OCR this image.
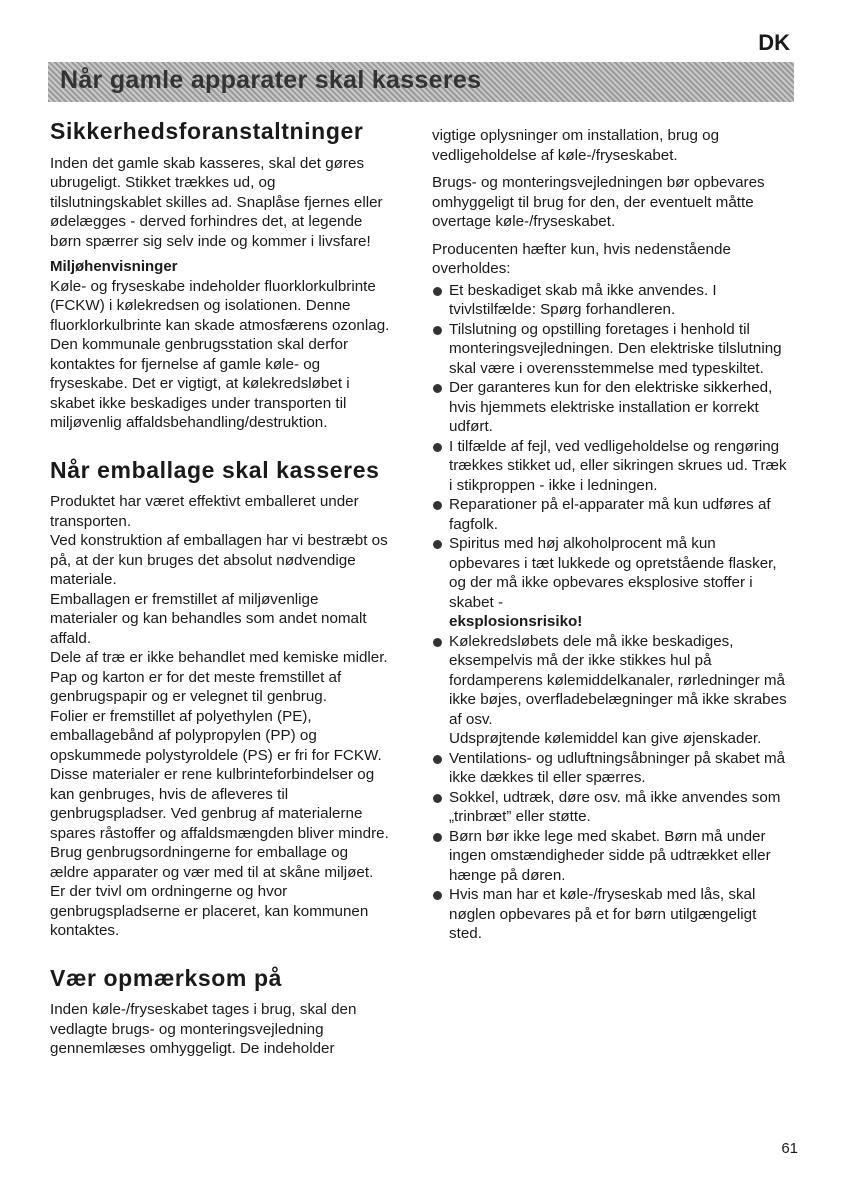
DK
Når gamle apparater skal kasseres
Sikkerhedsforanstaltninger

Inden det gamle skab kasseres, skal det gøres ubrugeligt. Stikket trækkes ud, og tilslutningskablet skilles ad. Snaplåse fjernes eller ødelægges - derved forhindres det, at legende børn spærrer sig selv inde og kommer i livsfare!

Miljøhenvisninger

Køle- og fryseskabe indeholder fluorklorkulbrinte (FCKW) i kølekredsen og isolationen. Denne fluorklorkulbrinte kan skade atmosfærens ozonlag. Den kommunale genbrugsstation skal derfor kontaktes for fjernelse af gamle køle- og fryseskabe. Det er vigtigt, at kølekredsløbet i skabet ikke beskadiges under transporten til miljøvenlig affaldsbehandling/destruktion.

Når emballage skal kasseres

Produktet har været effektivt emballeret under transporten.

Ved konstruktion af emballagen har vi bestræbt os på, at der kun bruges det absolut nødvendige materiale.

Emballagen er fremstillet af miljøvenlige materialer og kan behandles som andet nomalt affald.

Dele af træ er ikke behandlet med kemiske midler.

Pap og karton er for det meste fremstillet af genbrugspapir og er velegnet til genbrug.

Folier er fremstillet af polyethylen (PE), emballagebånd af polypropylen (PP) og opskummede polystyroldele (PS) er fri for FCKW.

Disse materialer er rene kulbrinteforbindelser og kan genbruges, hvis de afleveres til genbrugspladser. Ved genbrug af materialerne spares råstoffer og affaldsmængden bliver mindre.

Brug genbrugsordningerne for emballage og ældre apparater og vær med til at skåne miljøet. Er der tvivl om ordningerne og hvor genbrugspladserne er placeret, kan kommunen kontaktes.

Vær opmærksom på

Inden køle-/fryseskabet tages i brug, skal den vedlagte brugs- og monteringsvejledning gennemlæses omhyggeligt. De indeholder

vigtige oplysninger om installation, brug og vedligeholdelse af køle-/fryseskabet.

Brugs- og monteringsvejledningen bør opbevares omhyggeligt til brug for den, der eventuelt måtte overtage køle-/fryseskabet.

Producenten hæfter kun, hvis nedenstående overholdes:

Et beskadiget skab må ikke anvendes. I tvivlstilfælde: Spørg forhandleren.
Tilslutning og opstilling foretages i henhold til monteringsvejledningen. Den elektriske tilslutning skal være i overensstemmelse med typeskiltet.
Der garanteres kun for den elektriske sikkerhed, hvis hjemmets elektriske installation er korrekt udført.
I tilfælde af fejl, ved vedligeholdelse og rengøring trækkes stikket ud, eller sikringen skrues ud. Træk i stikproppen - ikke i ledningen.
Reparationer på el-apparater må kun udføres af fagfolk.
Spiritus med høj alkoholprocent må kun opbevares i tæt lukkede og opretstående flasker, og der må ikke opbevares eksplosive stoffer i skabet -
eksplosionsrisiko!
Kølekredsløbets dele må ikke beskadiges, eksempelvis må der ikke stikkes hul på fordamperens kølemiddelkanaler, rørledninger må ikke bøjes, overfladebelægninger må ikke skrabes af osv.
Udsprøjtende kølemiddel kan give øjenskader.
Ventilations- og udluftningsåbninger på skabet må ikke dækkes til eller spærres.
Sokkel, udtræk, døre osv. må ikke anvendes som „trinbræt” eller støtte.
Børn bør ikke lege med skabet. Børn må under ingen omstændigheder sidde på udtrækket eller hænge på døren.
Hvis man har et køle-/fryseskab med lås, skal nøglen opbevares på et for børn utilgængeligt sted.
61
